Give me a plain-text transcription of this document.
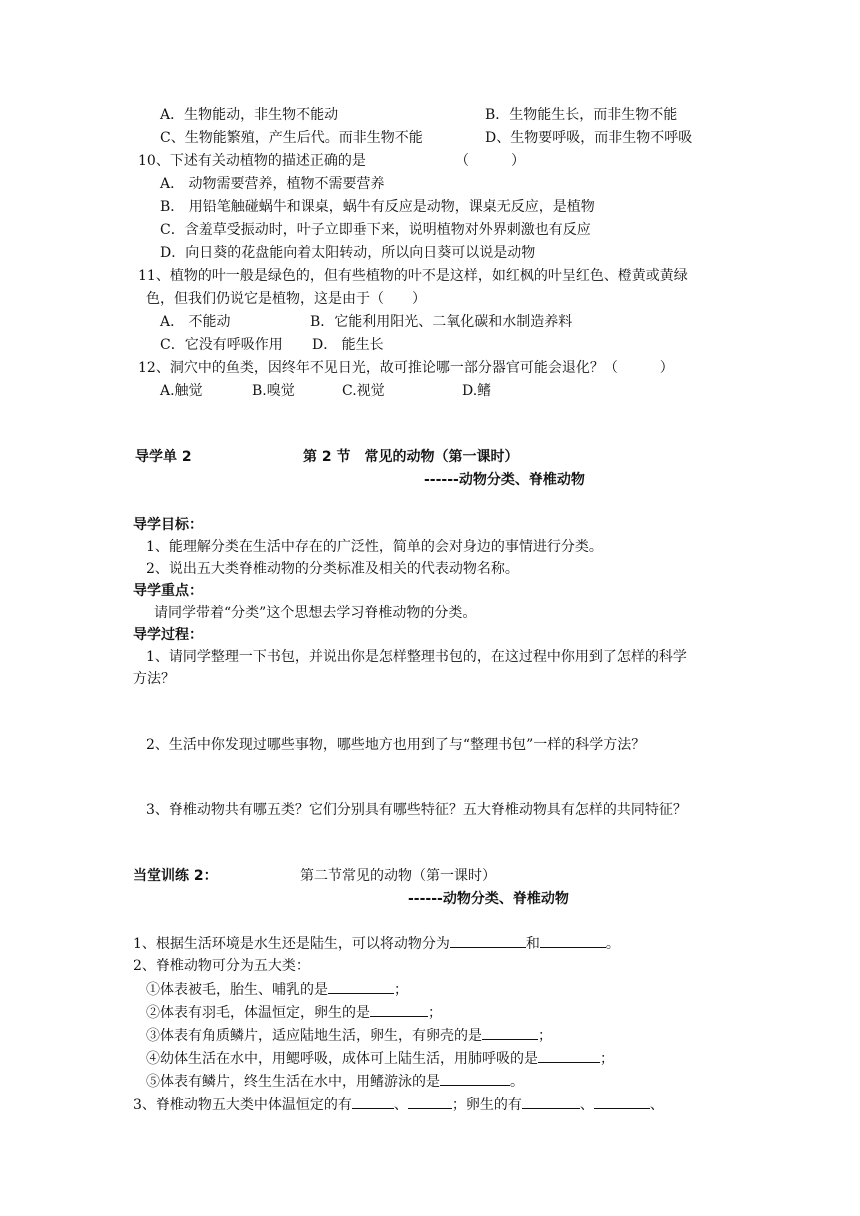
A．生物能动，非生物不能动	B．生物能生长，而非生物不能
C、生物能繁殖，产生后代。而非生物不能	D、生物要呼吸，而非生物不呼吸
10、下述有关动植物的描述正确的是	（　　　）
A． 动物需要营养，植物不需要营养
B． 用铅笔触碰蜗牛和课桌，蜗牛有反应是动物，课桌无反应，是植物
C．含羞草受振动时，叶子立即垂下来，说明植物对外界刺激也有反应
D．向日葵的花盘能向着太阳转动，所以向日葵可以说是动物
11、植物的叶一般是绿色的，但有些植物的叶不是这样，如红枫的叶呈红色、橙黄或黄绿
色，但我们仍说它是植物，这是由于（　　）
A． 不能动	B．它能利用阳光、二氧化碳和水制造养料
C．它没有呼吸作用 D． 能生长
12、洞穴中的鱼类，因终年不见日光，故可推论哪一部分器官可能会退化？（　　　）
A.触觉	B.嗅觉	C.视觉	D.鳍
导学单 2	第 2 节　常见的动物（第一课时）
------动物分类、脊椎动物
导学目标：
1、能理解分类在生活中存在的广泛性，简单的会对身边的事情进行分类。
2、说出五大类脊椎动物的分类标准及相关的代表动物名称。
导学重点：
请同学带着“分类”这个思想去学习脊椎动物的分类。
导学过程：
1、请同学整理一下书包，并说出你是怎样整理书包的，在这过程中你用到了怎样的科学
方法？
2、生活中你发现过哪些事物，哪些地方也用到了与“整理书包”一样的科学方法？
3、脊椎动物共有哪五类？它们分别具有哪些特征？五大脊椎动物具有怎样的共同特征？
当堂训练 2：	第二节常见的动物（第一课时）
------动物分类、脊椎动物
1、根据生活环境是水生还是陆生，可以将动物分为	和	。
2、脊椎动物可分为五大类：
①体表被毛，胎生、哺乳的是	；
②体表有羽毛，体温恒定，卵生的是	；
③体表有角质鳞片，适应陆地生活，卵生，有卵壳的是	；
④幼体生活在水中，用鳃呼吸，成体可上陆生活，用肺呼吸的是	；
⑤体表有鳞片，终生生活在水中，用鳍游泳的是	。
3、脊椎动物五大类中体温恒定的有	、	；卵生的有	、	、
